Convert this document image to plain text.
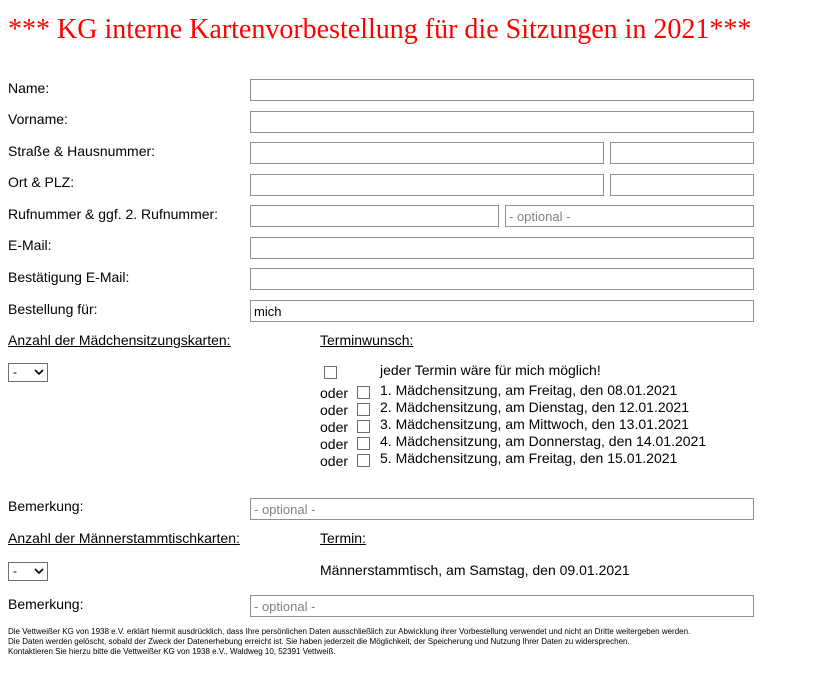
*** KG interne Kartenvorbestellung für die Sitzungen in 2021***
Name:
Vorname:
Straße & Hausnummer:
Ort & PLZ:
Rufnummer & ggf. 2. Rufnummer:
- optional -
E-Mail:
Bestätigung E-Mail:
Bestellung für:
mich
Anzahl der Mädchensitzungskarten:	Terminwunsch:
-	jeder Termin wäre für mich möglich!
oder 1. Mädchensitzung, am Freitag, den 08.01.2021
oder 2. Mädchensitzung, am Dienstag, den 12.01.2021
oder 3. Mädchensitzung, am Mittwoch, den 13.01.2021
oder 4. Mädchensitzung, am Donnerstag, den 14.01.2021
oder 5. Mädchensitzung, am Freitag, den 15.01.2021
Bemerkung:
- optional -
Anzahl der Männerstammtischkarten:	Termin:
-	Männerstammtisch, am Samstag, den 09.01.2021
Bemerkung:
- optional -
Die Vettweißer KG von 1938 e.V. erklärt hiermit ausdrücklich, dass Ihre persönlichen Daten ausschließlich zur Abwicklung ihrer Vorbestellung verwendet und nicht an Dritte weitergeben werden.
Die Daten werden gelöscht, sobald der Zweck der Datenerhebung erreicht ist. Sie haben jederzeit die Möglichkeit, der Speicherung und Nutzung Ihrer Daten zu widersprechen.
Kontaktieren Sie hierzu bitte die Vettweißer KG von 1938 e.V., Waldweg 10, 52391 Vettweiß.
